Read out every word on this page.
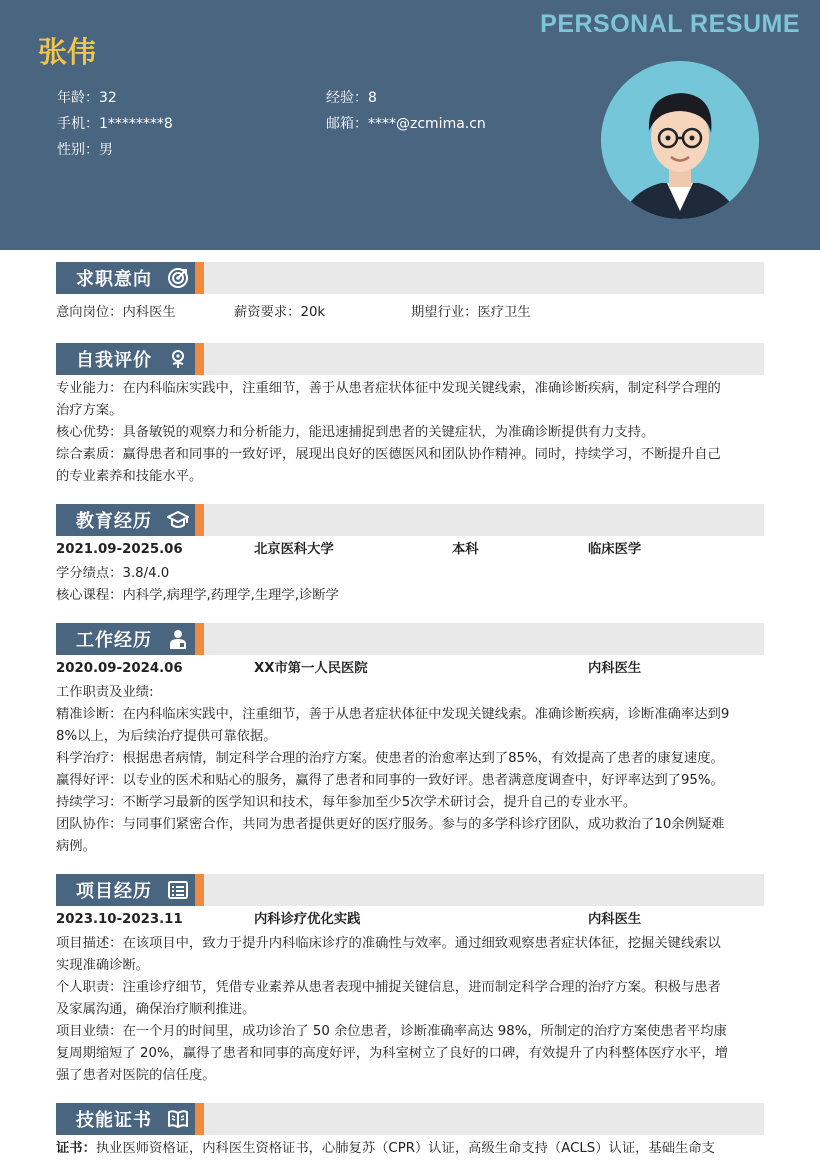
PERSONAL RESUME
张伟
年龄：32	经验：8
手机：1********8	邮箱：****@zcmima.cn
性别：男
求职意向
意向岗位：内科医生	薪资要求：20k	期望行业：医疗卫生
自我评价
专业能力：在内科临床实践中，注重细节，善于从患者症状体征中发现关键线索，准确诊断疾病，制定科学合理的
治疗方案。
核心优势：具备敏锐的观察力和分析能力，能迅速捕捉到患者的关键症状，为准确诊断提供有力支持。
综合素质：赢得患者和同事的一致好评，展现出良好的医德医风和团队协作精神。同时，持续学习，不断提升自己
的专业素养和技能水平。
教育经历
2021.09-2025.06	北京医科大学	本科	临床医学
学分绩点：3.8/4.0
核心课程：内科学,病理学,药理学,生理学,诊断学
工作经历
2020.09-2024.06	XX市第一人民医院	内科医生
工作职责及业绩:
精准诊断：在内科临床实践中，注重细节，善于从患者症状体征中发现关键线索。准确诊断疾病，诊断准确率达到9
8%以上，为后续治疗提供可靠依据。
科学治疗：根据患者病情，制定科学合理的治疗方案。使患者的治愈率达到了85%，有效提高了患者的康复速度。
赢得好评：以专业的医术和贴心的服务，赢得了患者和同事的一致好评。患者满意度调查中，好评率达到了95%。
持续学习：不断学习最新的医学知识和技术，每年参加至少5次学术研讨会，提升自己的专业水平。
团队协作：与同事们紧密合作，共同为患者提供更好的医疗服务。参与的多学科诊疗团队，成功救治了10余例疑难
病例。
项目经历
2023.10-2023.11	内科诊疗优化实践	内科医生
项目描述：在该项目中，致力于提升内科临床诊疗的准确性与效率。通过细致观察患者症状体征，挖掘关键线索以
实现准确诊断。
个人职责：注重诊疗细节，凭借专业素养从患者表现中捕捉关键信息，进而制定科学合理的治疗方案。积极与患者
及家属沟通，确保治疗顺利推进。
项目业绩：在一个月的时间里，成功诊治了 50 余位患者，诊断准确率高达 98%，所制定的治疗方案使患者平均康
复周期缩短了 20%，赢得了患者和同事的高度好评，为科室树立了良好的口碑，有效提升了内科整体医疗水平，增
强了患者对医院的信任度。
技能证书
证书：执业医师资格证，内科医生资格证书，心肺复苏（CPR）认证，高级生命支持（ACLS）认证，基础生命支
